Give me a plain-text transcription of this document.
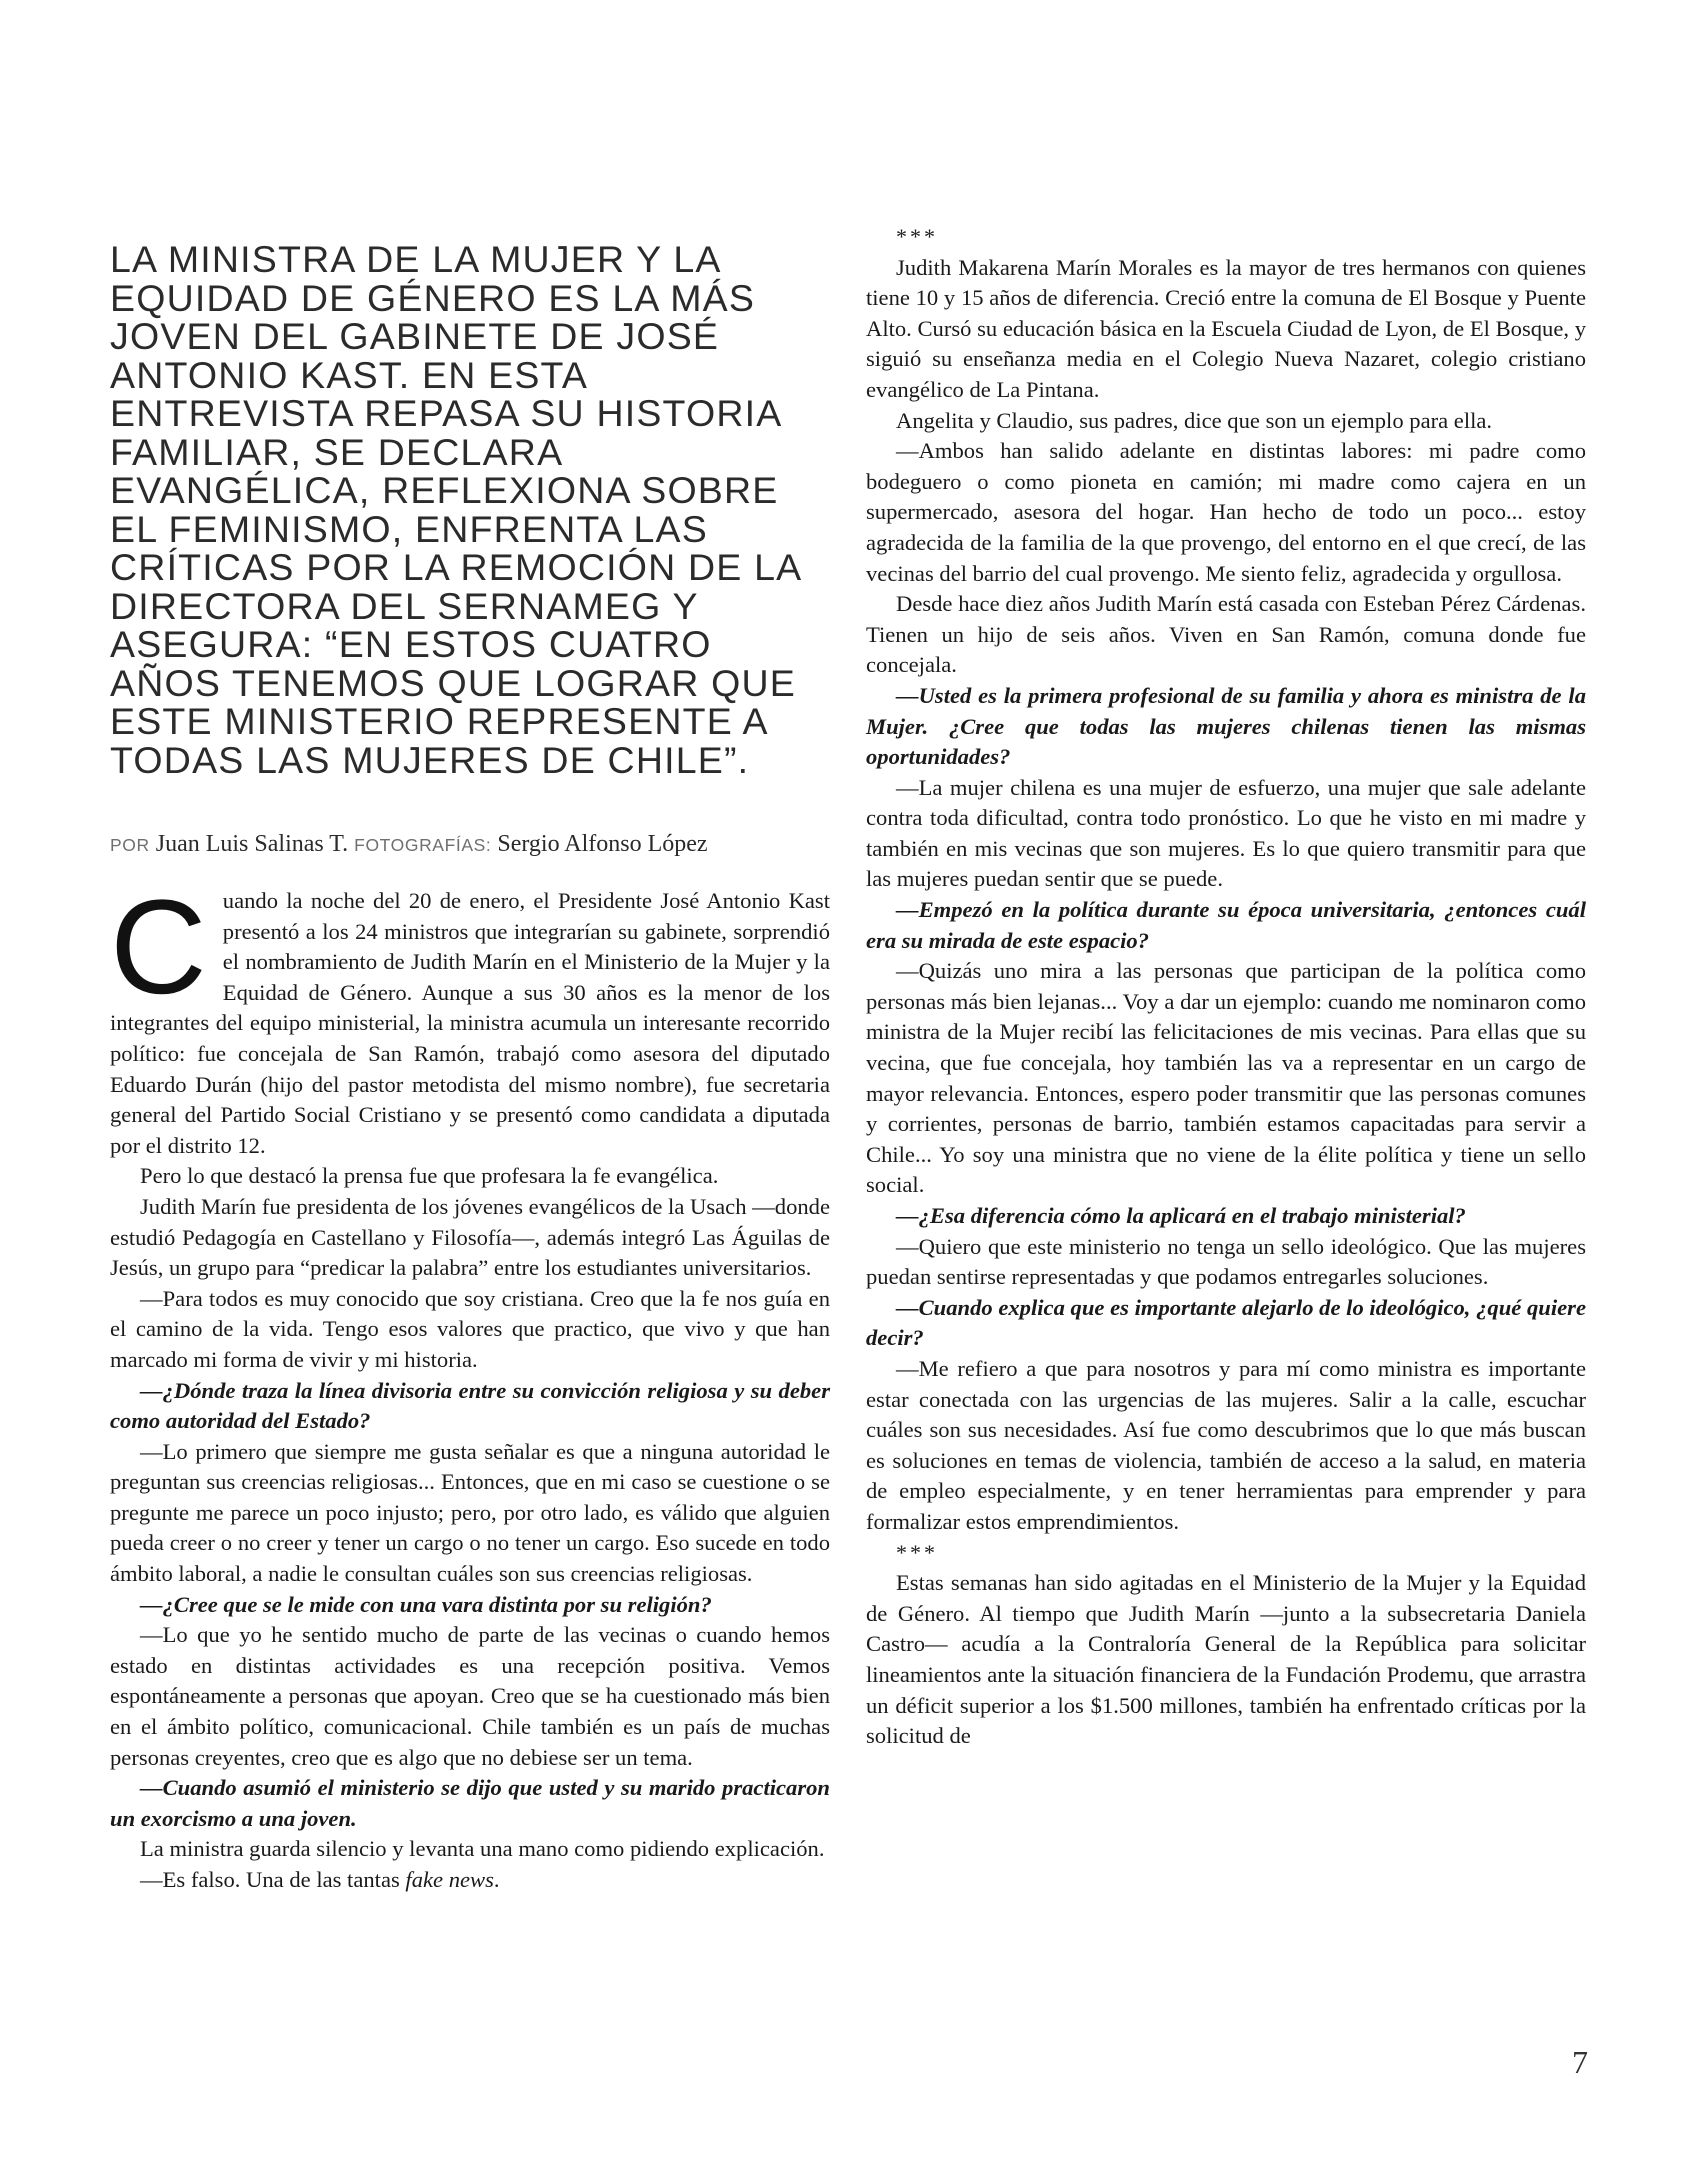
LA MINISTRA DE LA MUJER Y LA EQUIDAD DE GÉNERO ES LA MÁS JOVEN DEL GABINETE DE JOSÉ ANTONIO KAST. EN ESTA ENTREVISTA REPASA SU HISTORIA FAMILIAR, SE DECLARA EVANGÉLICA, REFLEXIONA SOBRE EL FEMINISMO, ENFRENTA LAS CRÍTICAS POR LA REMOCIÓN DE LA DIRECTORA DEL SERNAMEG Y ASEGURA: “EN ESTOS CUATRO AÑOS TENEMOS QUE LOGRAR QUE ESTE MINISTERIO REPRESENTE A TODAS LAS MUJERES DE CHILE”.
POR Juan Luis Salinas T. FOTOGRAFÍAS: Sergio Alfonso López

Cuando la noche del 20 de enero, el Presidente José Antonio Kast presentó a los 24 ministros que integrarían su gabinete, sorprendió el nombramiento de Judith Marín en el Ministerio de la Mujer y la Equidad de Género. Aunque a sus 30 años es la menor de los integrantes del equipo ministerial, la ministra acumula un interesante recorrido político: fue concejala de San Ramón, trabajó como asesora del diputado Eduardo Durán (hijo del pastor metodista del mismo nombre), fue secretaria general del Partido Social Cristiano y se presentó como candidata a diputada por el distrito 12.

Pero lo que destacó la prensa fue que profesara la fe evangélica.

Judith Marín fue presidenta de los jóvenes evangélicos de la Usach —donde estudió Pedagogía en Castellano y Filosofía—, además integró Las Águilas de Jesús, un grupo para “predicar la palabra” entre los estudiantes universitarios.

—Para todos es muy conocido que soy cristiana. Creo que la fe nos guía en el camino de la vida. Tengo esos valores que practico, que vivo y que han marcado mi forma de vivir y mi historia.

—¿Dónde traza la línea divisoria entre su convicción religiosa y su deber como autoridad del Estado?

—Lo primero que siempre me gusta señalar es que a ninguna autoridad le preguntan sus creencias religiosas... Entonces, que en mi caso se cuestione o se pregunte me parece un poco injusto; pero, por otro lado, es válido que alguien pueda creer o no creer y tener un cargo o no tener un cargo. Eso sucede en todo ámbito laboral, a nadie le consultan cuáles son sus creencias religiosas.

—¿Cree que se le mide con una vara distinta por su religión?

—Lo que yo he sentido mucho de parte de las vecinas o cuando hemos estado en distintas actividades es una recepción positiva. Vemos espontáneamente a personas que apoyan. Creo que se ha cuestionado más bien en el ámbito político, comunicacional. Chile también es un país de muchas personas creyentes, creo que es algo que no debiese ser un tema.

—Cuando asumió el ministerio se dijo que usted y su marido practicaron un exorcismo a una joven.

La ministra guarda silencio y levanta una mano como pidiendo explicación.

—Es falso. Una de las tantas fake news.

***

Judith Makarena Marín Morales es la mayor de tres hermanos con quienes tiene 10 y 15 años de diferencia. Creció entre la comuna de El Bosque y Puente Alto. Cursó su educación básica en la Escuela Ciudad de Lyon, de El Bosque, y siguió su enseñanza media en el Colegio Nueva Nazaret, colegio cristiano evangélico de La Pintana.

Angelita y Claudio, sus padres, dice que son un ejemplo para ella.

—Ambos han salido adelante en distintas labores: mi padre como bodeguero o como pioneta en camión; mi madre como cajera en un supermercado, asesora del hogar. Han hecho de todo un poco... estoy agradecida de la familia de la que provengo, del entorno en el que crecí, de las vecinas del barrio del cual provengo. Me siento feliz, agradecida y orgullosa.

Desde hace diez años Judith Marín está casada con Esteban Pérez Cárdenas. Tienen un hijo de seis años. Viven en San Ramón, comuna donde fue concejala.

—Usted es la primera profesional de su familia y ahora es ministra de la Mujer. ¿Cree que todas las mujeres chilenas tienen las mismas oportunidades?

—La mujer chilena es una mujer de esfuerzo, una mujer que sale adelante contra toda dificultad, contra todo pronóstico. Lo que he visto en mi madre y también en mis vecinas que son mujeres. Es lo que quiero transmitir para que las mujeres puedan sentir que se puede.

—Empezó en la política durante su época universitaria, ¿entonces cuál era su mirada de este espacio?

—Quizás uno mira a las personas que participan de la política como personas más bien lejanas... Voy a dar un ejemplo: cuando me nominaron como ministra de la Mujer recibí las felicitaciones de mis vecinas. Para ellas que su vecina, que fue concejala, hoy también las va a representar en un cargo de mayor relevancia. Entonces, espero poder transmitir que las personas comunes y corrientes, personas de barrio, también estamos capacitadas para servir a Chile... Yo soy una ministra que no viene de la élite política y tiene un sello social.

—¿Esa diferencia cómo la aplicará en el trabajo ministerial?

—Quiero que este ministerio no tenga un sello ideológico. Que las mujeres puedan sentirse representadas y que podamos entregarles soluciones.

—Cuando explica que es importante alejarlo de lo ideológico, ¿qué quiere decir?

—Me refiero a que para nosotros y para mí como ministra es importante estar conectada con las urgencias de las mujeres. Salir a la calle, escuchar cuáles son sus necesidades. Así fue como descubrimos que lo que más buscan es soluciones en temas de violencia, también de acceso a la salud, en materia de empleo especialmente, y en tener herramientas para emprender y para formalizar estos emprendimientos.

***

Estas semanas han sido agitadas en el Ministerio de la Mujer y la Equidad de Género. Al tiempo que Judith Marín —junto a la subsecretaria Daniela Castro— acudía a la Contraloría General de la República para solicitar lineamientos ante la situación financiera de la Fundación Prodemu, que arrastra un déficit superior a los $1.500 millones, también ha enfrentado críticas por la solicitud de

7
